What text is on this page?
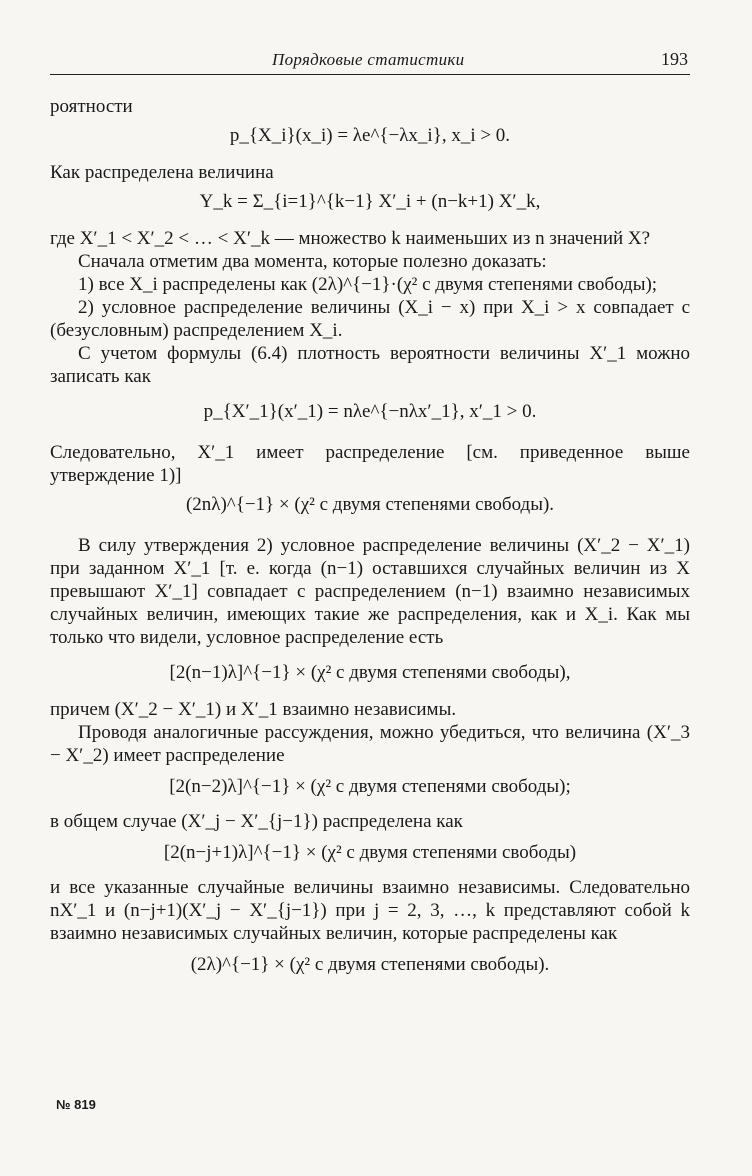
Порядковые статистики	193

роятности

p_{X_i}(x_i) = λe^{−λx_i}, x_i > 0.

Как распределена величина

Y_k = Σ_{i=1}^{k−1} X′_i + (n−k+1) X′_k,

где X′_1 < X′_2 < … < X′_k — множество k наименьших из n значений X?

Сначала отметим два момента, которые полезно доказать:

1) все X_i распределены как (2λ)^{−1}·(χ² с двумя степенями свободы);

2) условное распределение величины (X_i − x) при X_i > x совпадает с (безусловным) распределением X_i.

С учетом формулы (6.4) плотность вероятности величины X′_1 можно записать как

p_{X′_1}(x′_1) = nλe^{−nλx′_1}, x′_1 > 0.

Следовательно, X′_1 имеет распределение [см. приведенное выше утверждение 1)]

(2nλ)^{−1} × (χ² с двумя степенями свободы).

В силу утверждения 2) условное распределение величины (X′_2 − X′_1) при заданном X′_1 [т. е. когда (n−1) оставшихся случайных величин из X превышают X′_1] совпадает с распределением (n−1) взаимно независимых случайных величин, имеющих такие же распределения, как и X_i. Как мы только что видели, условное распределение есть

[2(n−1)λ]^{−1} × (χ² с двумя степенями свободы),

причем (X′_2 − X′_1) и X′_1 взаимно независимы.

Проводя аналогичные рассуждения, можно убедиться, что величина (X′_3 − X′_2) имеет распределение

[2(n−2)λ]^{−1} × (χ² с двумя степенями свободы);

в общем случае (X′_j − X′_{j−1}) распределена как

[2(n−j+1)λ]^{−1} × (χ² с двумя степенями свободы)

и все указанные случайные величины взаимно независимы. Следовательно nX′_1 и (n−j+1)(X′_j − X′_{j−1}) при j = 2, 3, …, k представляют собой k взаимно независимых случайных величин, которые распределены как

(2λ)^{−1} × (χ² с двумя степенями свободы).
№ 819
